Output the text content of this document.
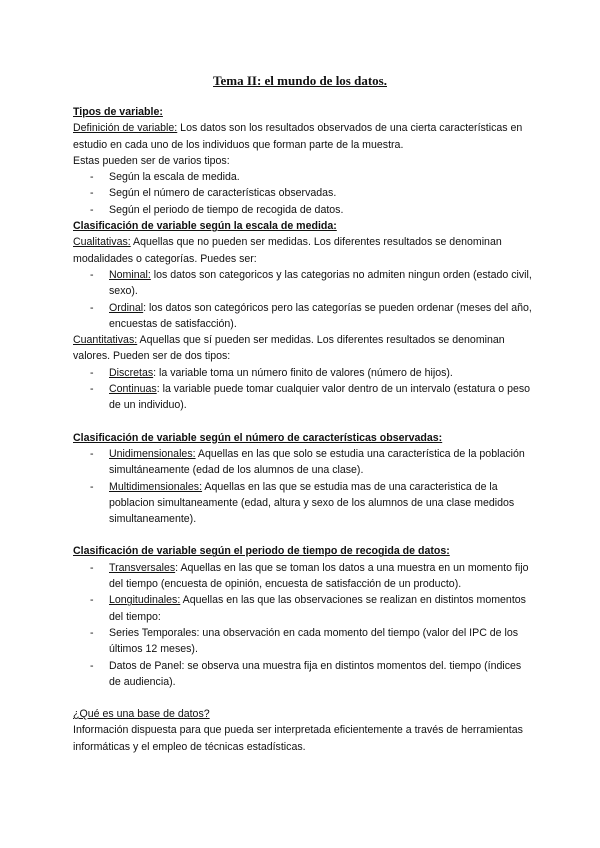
Tema II: el mundo de los datos.
Tipos de variable:
Definición de variable: Los datos son los resultados observados de una cierta características en estudio en cada uno de los individuos que forman parte de la muestra.
Estas pueden ser de varios tipos:
- Según la escala de medida.
- Según el número de características observadas.
- Según el periodo de tiempo de recogida de datos.
Clasificación de variable según la escala de medida:
Cualitativas: Aquellas que no pueden ser medidas. Los diferentes resultados se denominan modalidades o categorías. Puedes ser:
- Nominal: los datos son categoricos y las categorias no admiten ningun orden (estado civil, sexo).
- Ordinal: los datos son categóricos pero las categorías se pueden ordenar (meses del año, encuestas de satisfacción).
Cuantitativas: Aquellas que sí pueden ser medidas. Los diferentes resultados se denominan valores. Pueden ser de dos tipos:
- Discretas: la variable toma un número finito de valores (número de hijos).
- Continuas: la variable puede tomar cualquier valor dentro de un intervalo (estatura o peso de un individuo).
Clasificación de variable según el número de características observadas:
- Unidimensionales: Aquellas en las que solo se estudia una característica de la población simultáneamente (edad de los alumnos de una clase).
- Multidimensionales: Aquellas en las que se estudia mas de una caracteristica de la poblacion simultaneamente (edad, altura y sexo de los alumnos de una clase medidos simultaneamente).
Clasificación de variable según el periodo de tiempo de recogida de datos:
- Transversales: Aquellas en las que se toman los datos a una muestra en un momento fijo del tiempo (encuesta de opinión, encuesta de satisfacción de un producto).
- Longitudinales: Aquellas en las que las observaciones se realizan en distintos momentos del tiempo:
- Series Temporales: una observación en cada momento del tiempo (valor del IPC de los últimos 12 meses).
- Datos de Panel: se observa una muestra fija en distintos momentos del. tiempo (índices de audiencia).
¿Qué es una base de datos?
Información dispuesta para que pueda ser interpretada eficientemente a través de herramientas informáticas y el empleo de técnicas estadísticas.
